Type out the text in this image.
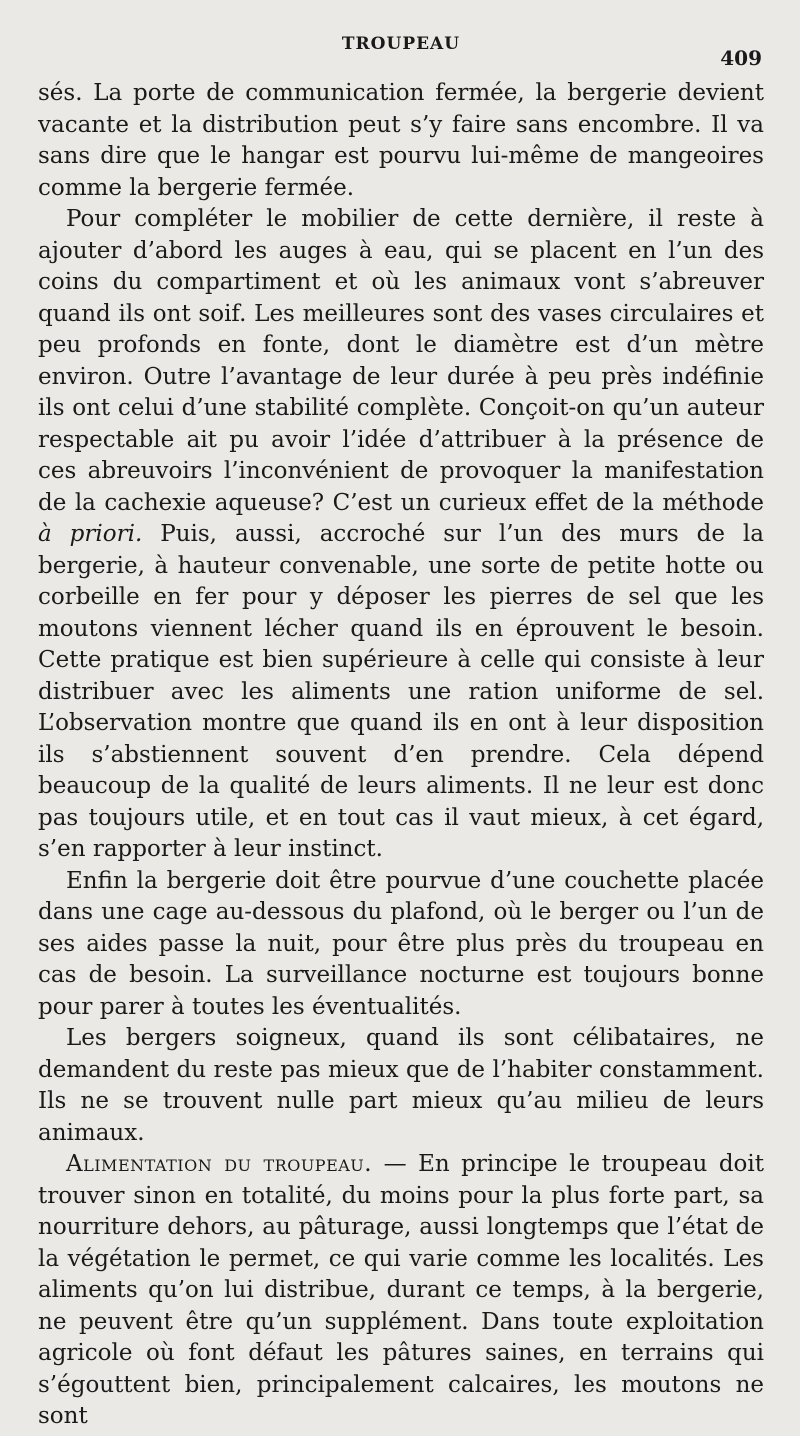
TROUPEAU
409

sés. La porte de communication fermée, la bergerie devient vacante et la distribution peut s’y faire sans encombre. Il va sans dire que le hangar est pourvu lui-même de mangeoires comme la bergerie fermée.

Pour compléter le mobilier de cette dernière, il reste à ajouter d’abord les auges à eau, qui se placent en l’un des coins du compartiment et où les animaux vont s’abreuver quand ils ont soif. Les meilleures sont des vases circulaires et peu profonds en fonte, dont le diamètre est d’un mètre environ. Outre l’avantage de leur durée à peu près indéfinie ils ont celui d’une stabilité complète. Conçoit-on qu’un auteur respectable ait pu avoir l’idée d’attribuer à la présence de ces abreuvoirs l’inconvénient de provoquer la manifestation de la cachexie aqueuse? C’est un curieux effet de la méthode à priori. Puis, aussi, accroché sur l’un des murs de la bergerie, à hauteur convenable, une sorte de petite hotte ou corbeille en fer pour y déposer les pierres de sel que les moutons viennent lécher quand ils en éprouvent le besoin. Cette pratique est bien supérieure à celle qui consiste à leur distribuer avec les aliments une ration uniforme de sel. L’observation montre que quand ils en ont à leur disposition ils s’abstiennent souvent d’en prendre. Cela dépend beaucoup de la qualité de leurs aliments. Il ne leur est donc pas toujours utile, et en tout cas il vaut mieux, à cet égard, s’en rapporter à leur instinct.

Enfin la bergerie doit être pourvue d’une couchette placée dans une cage au-dessous du plafond, où le berger ou l’un de ses aides passe la nuit, pour être plus près du troupeau en cas de besoin. La surveillance nocturne est toujours bonne pour parer à toutes les éventualités.

Les bergers soigneux, quand ils sont célibataires, ne demandent du reste pas mieux que de l’habiter constamment. Ils ne se trouvent nulle part mieux qu’au milieu de leurs animaux.

Alimentation du troupeau. — En principe le troupeau doit trouver sinon en totalité, du moins pour la plus forte part, sa nourriture dehors, au pâturage, aussi longtemps que l’état de la végétation le permet, ce qui varie comme les localités. Les aliments qu’on lui distribue, durant ce temps, à la bergerie, ne peuvent être qu’un supplément. Dans toute exploitation agricole où font défaut les pâtures saines, en terrains qui s’égouttent bien, principalement calcaires, les moutons ne sont
